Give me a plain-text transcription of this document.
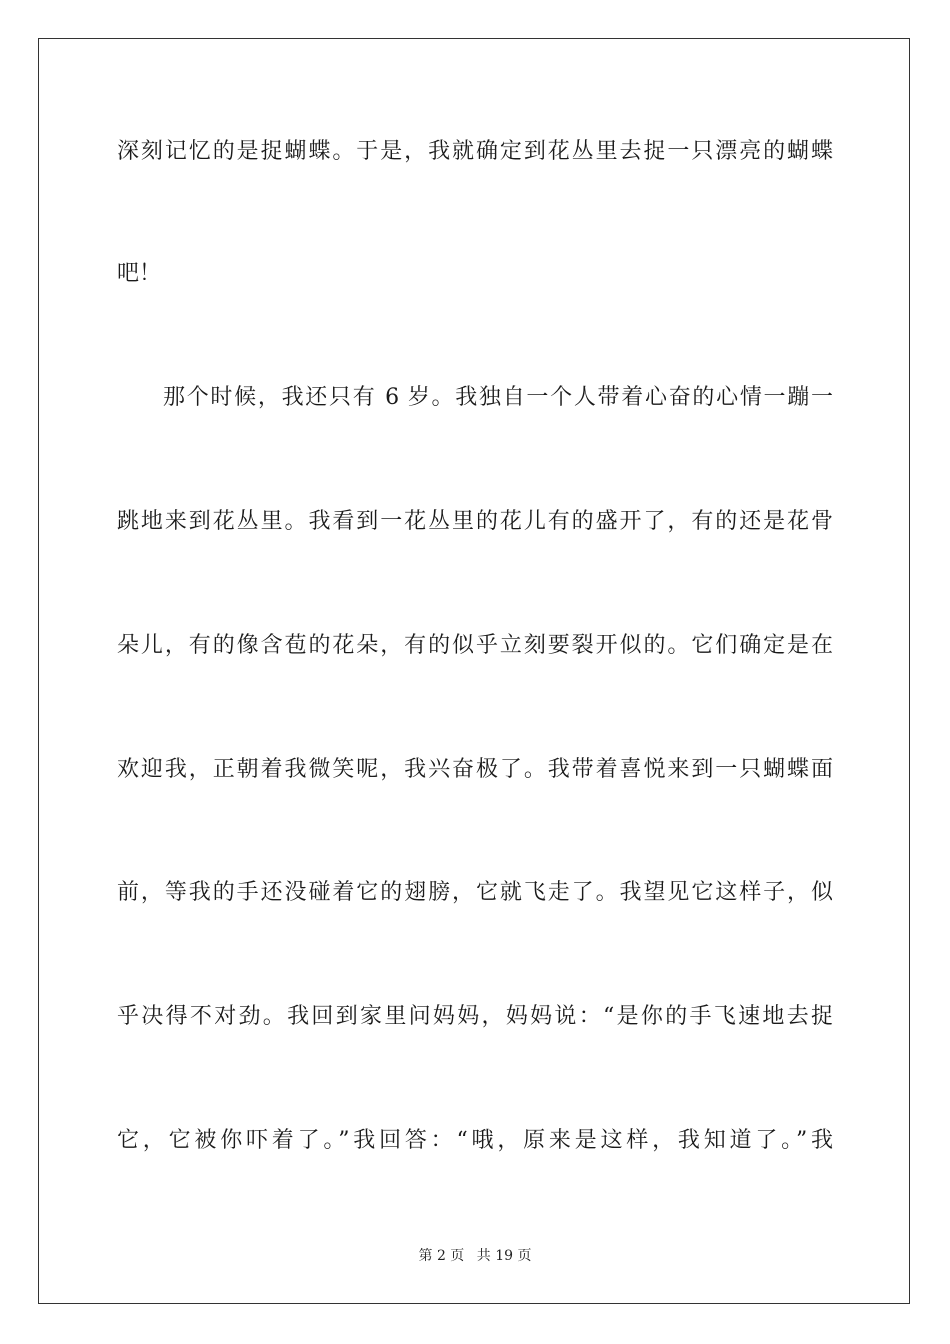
深刻记忆的是捉蝴蝶。于是，我就确定到花丛里去捉一只漂亮的蝴蝶
吧！
那个时候，我还只有 6 岁。我独自一个人带着心奋的心情一蹦一
跳地来到花丛里。我看到一花丛里的花儿有的盛开了，有的还是花骨
朵儿，有的像含苞的花朵，有的似乎立刻要裂开似的。它们确定是在
欢迎我，正朝着我微笑呢，我兴奋极了。我带着喜悦来到一只蝴蝶面
前，等我的手还没碰着它的翅膀，它就飞走了。我望见它这样子，似
乎决得不对劲。我回到家里问妈妈，妈妈说：“是你的手飞速地去捉
它，它被你吓着了。”我回答：“哦，原来是这样，我知道了。”我
第 2 页 共 19 页
